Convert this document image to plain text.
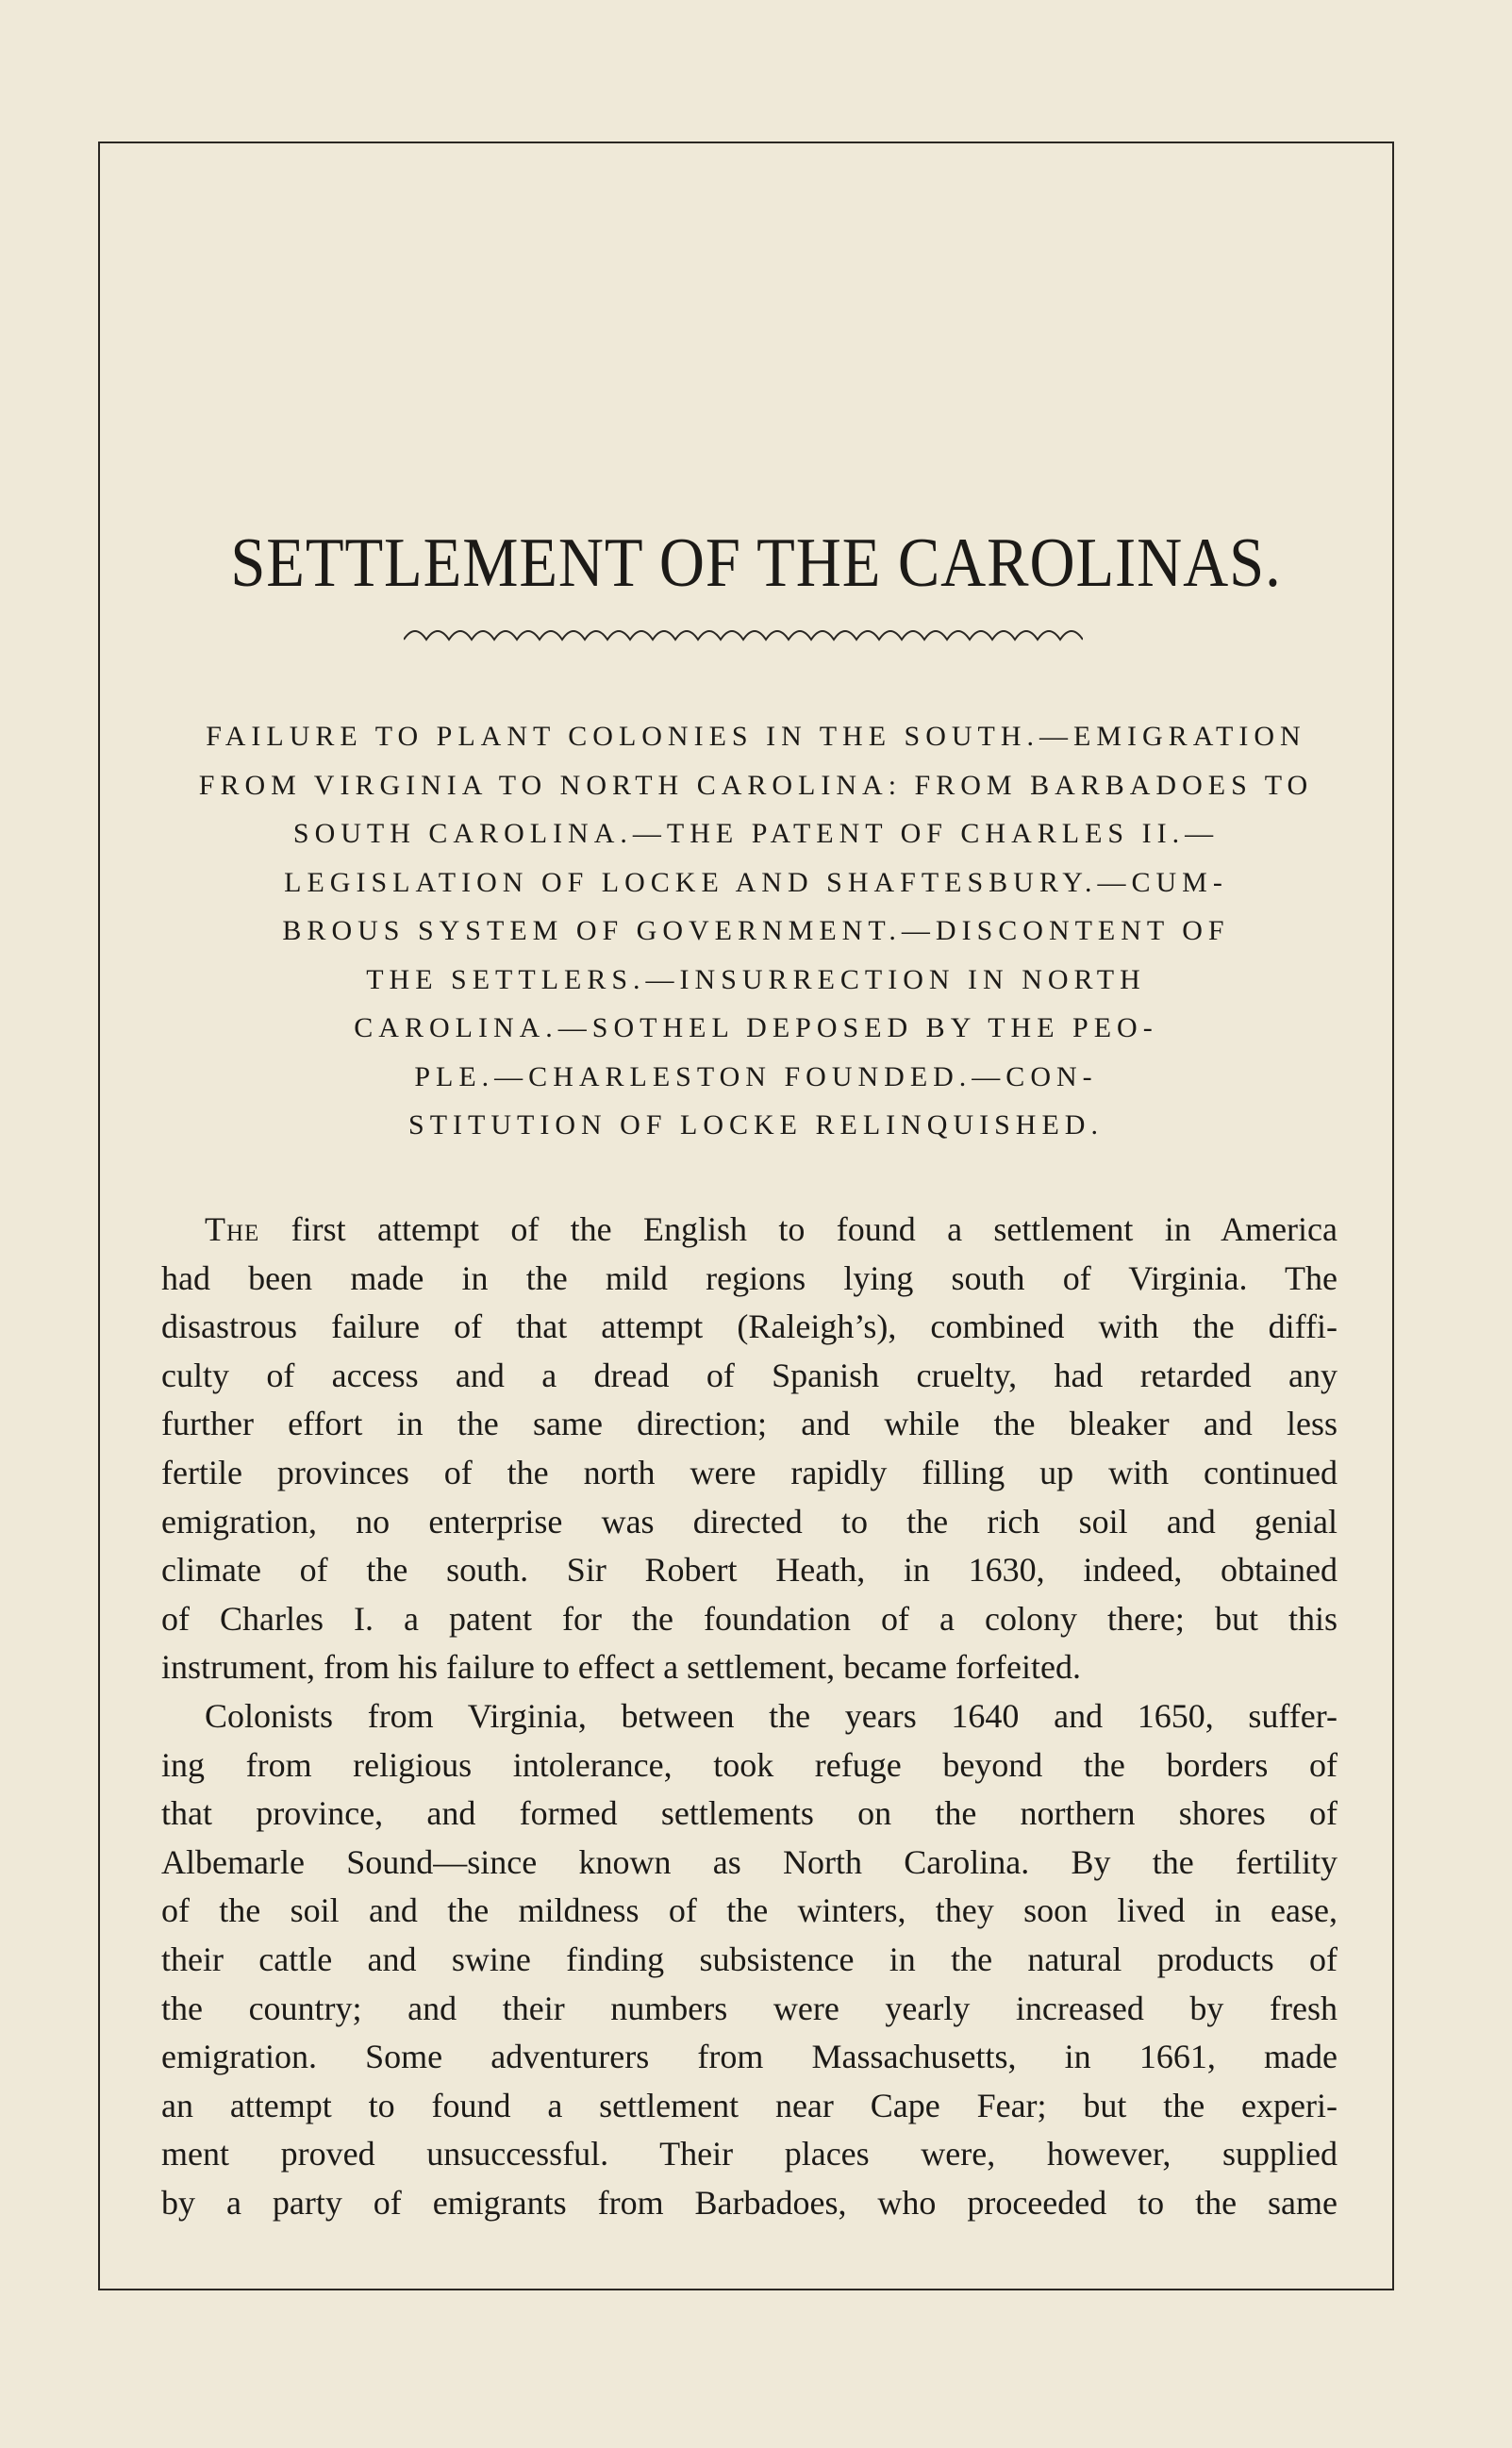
SETTLEMENT OF THE CAROLINAS.
FAILURE TO PLANT COLONIES IN THE SOUTH.—EMIGRATION
FROM VIRGINIA TO NORTH CAROLINA: FROM BARBADOES TO
SOUTH CAROLINA.—THE PATENT OF CHARLES II.—
LEGISLATION OF LOCKE AND SHAFTESBURY.—CUM-
BROUS SYSTEM OF GOVERNMENT.—DISCONTENT OF
THE SETTLERS.—INSURRECTION IN NORTH
CAROLINA.—SOTHEL DEPOSED BY THE PEO-
PLE.—CHARLESTON FOUNDED.—CON-
STITUTION OF LOCKE RELINQUISHED.
The first attempt of the English to found a settlement in America
had been made in the mild regions lying south of Virginia. The
disastrous failure of that attempt (Raleigh’s), combined with the diffi-
culty of access and a dread of Spanish cruelty, had retarded any
further effort in the same direction; and while the bleaker and less
fertile provinces of the north were rapidly filling up with continued
emigration, no enterprise was directed to the rich soil and genial
climate of the south. Sir Robert Heath, in 1630, indeed, obtained
of Charles I. a patent for the foundation of a colony there; but this
instrument, from his failure to effect a settlement, became forfeited.
Colonists from Virginia, between the years 1640 and 1650, suffer-
ing from religious intolerance, took refuge beyond the borders of
that province, and formed settlements on the northern shores of
Albemarle Sound—since known as North Carolina. By the fertility
of the soil and the mildness of the winters, they soon lived in ease,
their cattle and swine finding subsistence in the natural products of
the country; and their numbers were yearly increased by fresh
emigration. Some adventurers from Massachusetts, in 1661, made
an attempt to found a settlement near Cape Fear; but the experi-
ment proved unsuccessful. Their places were, however, supplied
by a party of emigrants from Barbadoes, who proceeded to the same
